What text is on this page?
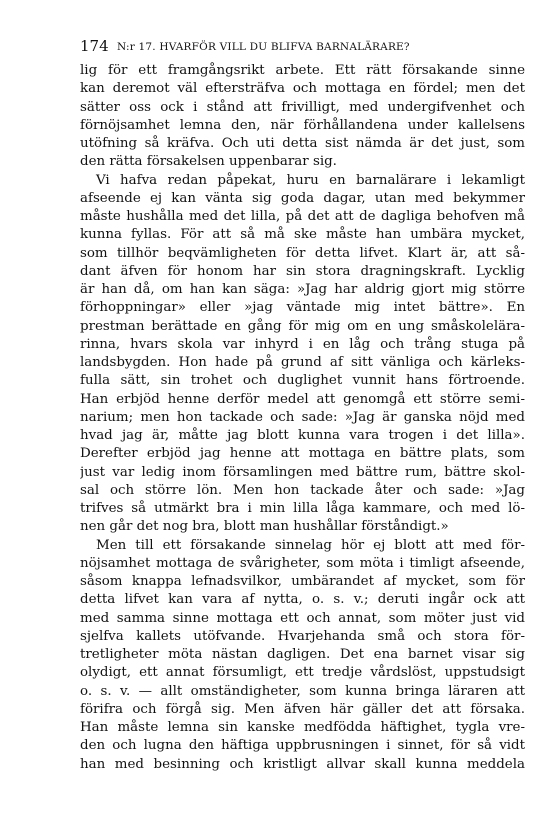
174 N:r 17. HVARFÖR VILL DU BLIFVA BARNALÄRARE?
lig för ett framgångsrikt arbete. Ett rätt försakande sinne
kan deremot väl eftersträfva och mottaga en fördel; men det
sätter oss ock i stånd att frivilligt, med undergifvenhet och
förnöjsamhet lemna den, när förhållandena under kallelsens
utöfning så kräfva. Och uti detta sist nämda är det just, som
den rätta försakelsen uppenbarar sig.
Vi hafva redan påpekat, huru en barnalärare i lekamligt
afseende ej kan vänta sig goda dagar, utan med bekymmer
måste hushålla med det lilla, på det att de dagliga behofven må
kunna fyllas. För att så må ske måste han umbära mycket,
som tillhör beqvämligheten för detta lifvet. Klart är, att så-
dant äfven för honom har sin stora dragningskraft. Lycklig
är han då, om han kan säga: »Jag har aldrig gjort mig större
förhoppningar» eller »jag väntade mig intet bättre». En
prestman berättade en gång för mig om en ung småskolelära-
rinna, hvars skola var inhyrd i en låg och trång stuga på
landsbygden. Hon hade på grund af sitt vänliga och kärleks-
fulla sätt, sin trohet och duglighet vunnit hans förtroende.
Han erbjöd henne derför medel att genomgå ett större semi-
narium; men hon tackade och sade: »Jag är ganska nöjd med
hvad jag är, måtte jag blott kunna vara trogen i det lilla».
Derefter erbjöd jag henne att mottaga en bättre plats, som
just var ledig inom församlingen med bättre rum, bättre skol-
sal och större lön. Men hon tackade åter och sade: »Jag
trifves så utmärkt bra i min lilla låga kammare, och med lö-
nen går det nog bra, blott man hushållar förståndigt.»
Men till ett försakande sinnelag hör ej blott att med för-
nöjsamhet mottaga de svårigheter, som möta i timligt afseende,
såsom knappa lefnadsvilkor, umbärandet af mycket, som för
detta lifvet kan vara af nytta, o. s. v.; deruti ingår ock att
med samma sinne mottaga ett och annat, som möter just vid
sjelfva kallets utöfvande. Hvarjehanda små och stora för-
tretligheter möta nästan dagligen. Det ena barnet visar sig
olydigt, ett annat försumligt, ett tredje vårdslöst, uppstudsigt
o. s. v. — allt omständigheter, som kunna bringa läraren att
förifra och förgå sig. Men äfven här gäller det att försaka.
Han måste lemna sin kanske medfödda häftighet, tygla vre-
den och lugna den häftiga uppbrusningen i sinnet, för så vidt
han med besinning och kristligt allvar skall kunna meddela
